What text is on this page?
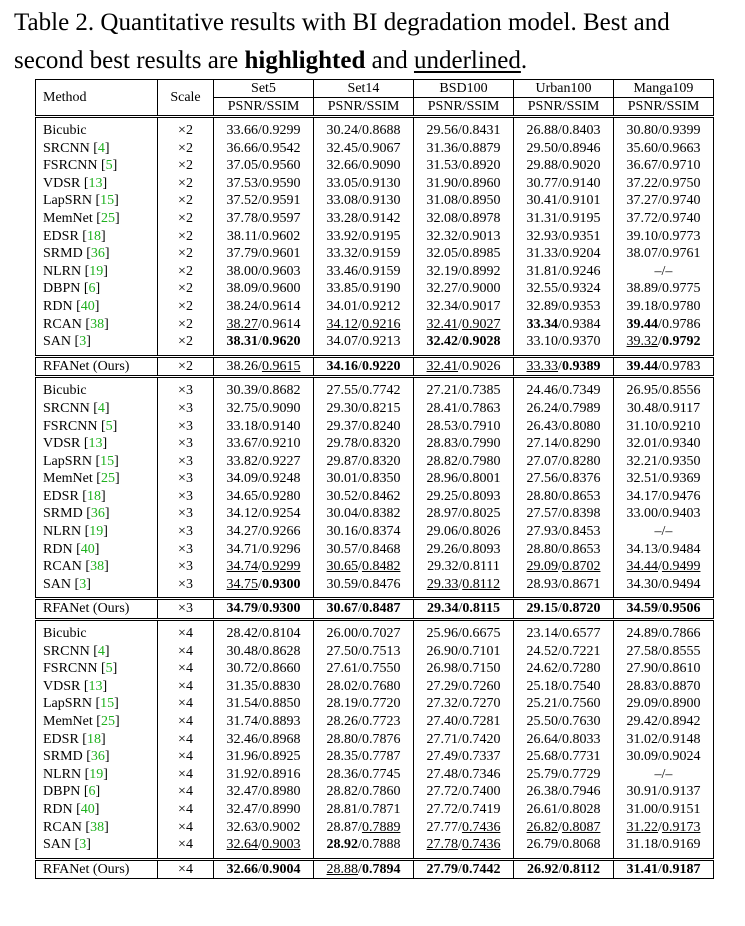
Table 2. Quantitative results with BI degradation model. Best and second best results are highlighted and underlined.
Method	Scale	Set5	Set14	BSD100	Urban100	Manga109
		PSNR/SSIM	PSNR/SSIM	PSNR/SSIM	PSNR/SSIM	PSNR/SSIM
Bicubic	×2	33.66/0.9299	30.24/0.8688	29.56/0.8431	26.88/0.8403	30.80/0.9399
SRCNN [4]	×2	36.66/0.9542	32.45/0.9067	31.36/0.8879	29.50/0.8946	35.60/0.9663
FSRCNN [5]	×2	37.05/0.9560	32.66/0.9090	31.53/0.8920	29.88/0.9020	36.67/0.9710
VDSR [13]	×2	37.53/0.9590	33.05/0.9130	31.90/0.8960	30.77/0.9140	37.22/0.9750
LapSRN [15]	×2	37.52/0.9591	33.08/0.9130	31.08/0.8950	30.41/0.9101	37.27/0.9740
MemNet [25]	×2	37.78/0.9597	33.28/0.9142	32.08/0.8978	31.31/0.9195	37.72/0.9740
EDSR [18]	×2	38.11/0.9602	33.92/0.9195	32.32/0.9013	32.93/0.9351	39.10/0.9773
SRMD [36]	×2	37.79/0.9601	33.32/0.9159	32.05/0.8985	31.33/0.9204	38.07/0.9761
NLRN [19]	×2	38.00/0.9603	33.46/0.9159	32.19/0.8992	31.81/0.9246	–/–
DBPN [6]	×2	38.09/0.9600	33.85/0.9190	32.27/0.9000	32.55/0.9324	38.89/0.9775
RDN [40]	×2	38.24/0.9614	34.01/0.9212	32.34/0.9017	32.89/0.9353	39.18/0.9780
RCAN [38]	×2	38.27/0.9614	34.12/0.9216	32.41/0.9027	33.34/0.9384	39.44/0.9786
SAN [3]	×2	38.31/0.9620	34.07/0.9213	32.42/0.9028	33.10/0.9370	39.32/0.9792
RFANet (Ours)	×2	38.26/0.9615	34.16/0.9220	32.41/0.9026	33.33/0.9389	39.44/0.9783
Bicubic	×3	30.39/0.8682	27.55/0.7742	27.21/0.7385	24.46/0.7349	26.95/0.8556
SRCNN [4]	×3	32.75/0.9090	29.30/0.8215	28.41/0.7863	26.24/0.7989	30.48/0.9117
FSRCNN [5]	×3	33.18/0.9140	29.37/0.8240	28.53/0.7910	26.43/0.8080	31.10/0.9210
VDSR [13]	×3	33.67/0.9210	29.78/0.8320	28.83/0.7990	27.14/0.8290	32.01/0.9340
LapSRN [15]	×3	33.82/0.9227	29.87/0.8320	28.82/0.7980	27.07/0.8280	32.21/0.9350
MemNet [25]	×3	34.09/0.9248	30.01/0.8350	28.96/0.8001	27.56/0.8376	32.51/0.9369
EDSR [18]	×3	34.65/0.9280	30.52/0.8462	29.25/0.8093	28.80/0.8653	34.17/0.9476
SRMD [36]	×3	34.12/0.9254	30.04/0.8382	28.97/0.8025	27.57/0.8398	33.00/0.9403
NLRN [19]	×3	34.27/0.9266	30.16/0.8374	29.06/0.8026	27.93/0.8453	–/–
RDN [40]	×3	34.71/0.9296	30.57/0.8468	29.26/0.8093	28.80/0.8653	34.13/0.9484
RCAN [38]	×3	34.74/0.9299	30.65/0.8482	29.32/0.8111	29.09/0.8702	34.44/0.9499
SAN [3]	×3	34.75/0.9300	30.59/0.8476	29.33/0.8112	28.93/0.8671	34.30/0.9494
RFANet (Ours)	×3	34.79/0.9300	30.67/0.8487	29.34/0.8115	29.15/0.8720	34.59/0.9506
Bicubic	×4	28.42/0.8104	26.00/0.7027	25.96/0.6675	23.14/0.6577	24.89/0.7866
SRCNN [4]	×4	30.48/0.8628	27.50/0.7513	26.90/0.7101	24.52/0.7221	27.58/0.8555
FSRCNN [5]	×4	30.72/0.8660	27.61/0.7550	26.98/0.7150	24.62/0.7280	27.90/0.8610
VDSR [13]	×4	31.35/0.8830	28.02/0.7680	27.29/0.7260	25.18/0.7540	28.83/0.8870
LapSRN [15]	×4	31.54/0.8850	28.19/0.7720	27.32/0.7270	25.21/0.7560	29.09/0.8900
MemNet [25]	×4	31.74/0.8893	28.26/0.7723	27.40/0.7281	25.50/0.7630	29.42/0.8942
EDSR [18]	×4	32.46/0.8968	28.80/0.7876	27.71/0.7420	26.64/0.8033	31.02/0.9148
SRMD [36]	×4	31.96/0.8925	28.35/0.7787	27.49/0.7337	25.68/0.7731	30.09/0.9024
NLRN [19]	×4	31.92/0.8916	28.36/0.7745	27.48/0.7346	25.79/0.7729	–/–
DBPN [6]	×4	32.47/0.8980	28.82/0.7860	27.72/0.7400	26.38/0.7946	30.91/0.9137
RDN [40]	×4	32.47/0.8990	28.81/0.7871	27.72/0.7419	26.61/0.8028	31.00/0.9151
RCAN [38]	×4	32.63/0.9002	28.87/0.7889	27.77/0.7436	26.82/0.8087	31.22/0.9173
SAN [3]	×4	32.64/0.9003	28.92/0.7888	27.78/0.7436	26.79/0.8068	31.18/0.9169
RFANet (Ours)	×4	32.66/0.9004	28.88/0.7894	27.79/0.7442	26.92/0.8112	31.41/0.9187
